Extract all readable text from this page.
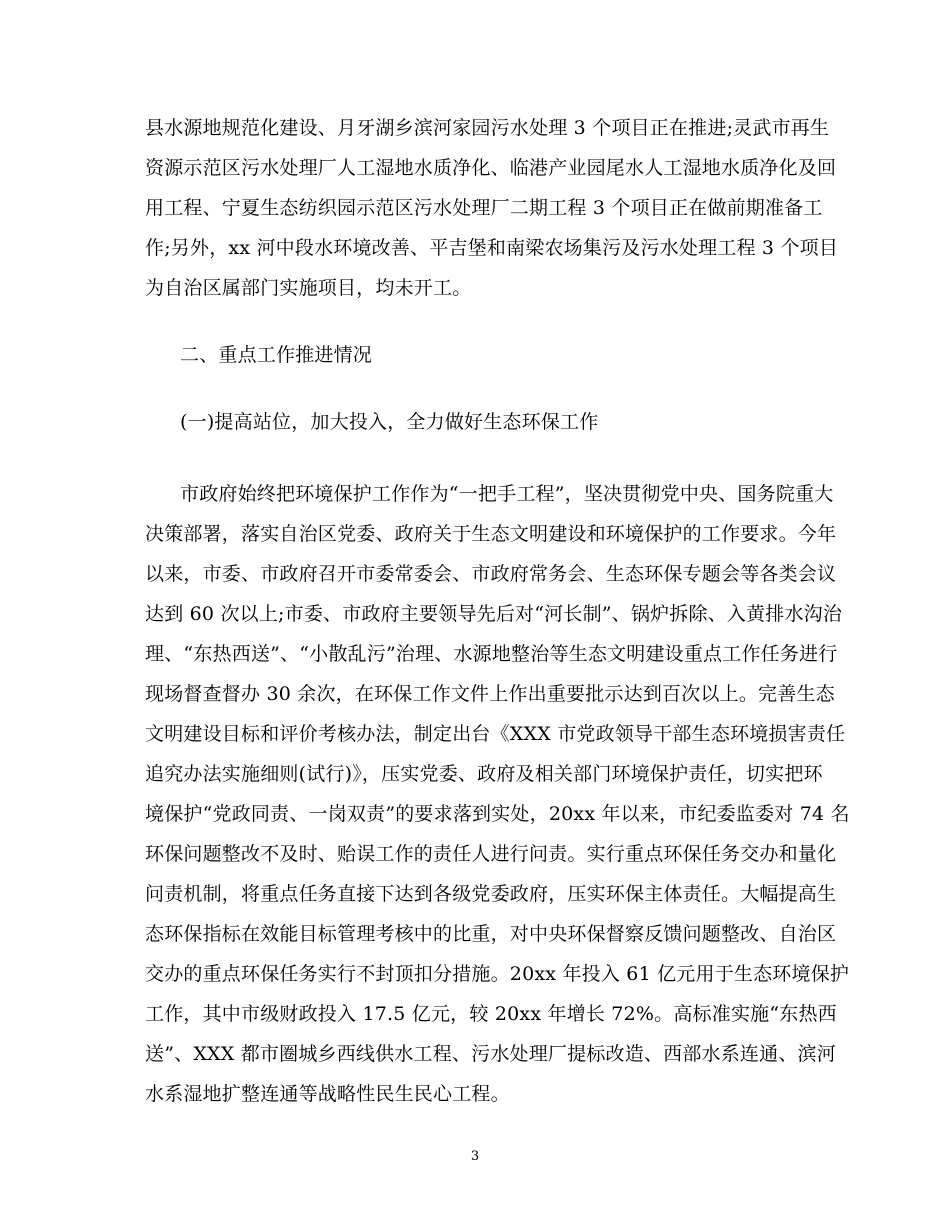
县水源地规范化建设、月牙湖乡滨河家园污水处理 3 个项目正在推进;灵武市再生
资源示范区污水处理厂人工湿地水质净化、临港产业园尾水人工湿地水质净化及回
用工程、宁夏生态纺织园示范区污水处理厂二期工程 3 个项目正在做前期准备工
作;另外，xx 河中段水环境改善、平吉堡和南梁农场集污及污水处理工程 3 个项目
为自治区属部门实施项目，均未开工。
二、重点工作推进情况
(一)提高站位，加大投入，全力做好生态环保工作
市政府始终把环境保护工作作为“一把手工程”，坚决贯彻党中央、国务院重大
决策部署，落实自治区党委、政府关于生态文明建设和环境保护的工作要求。今年
以来，市委、市政府召开市委常委会、市政府常务会、生态环保专题会等各类会议
达到 60 次以上;市委、市政府主要领导先后对“河长制”、锅炉拆除、入黄排水沟治
理、“东热西送”、“小散乱污”治理、水源地整治等生态文明建设重点工作任务进行
现场督查督办 30 余次，在环保工作文件上作出重要批示达到百次以上。完善生态
文明建设目标和评价考核办法，制定出台《XXX 市党政领导干部生态环境损害责任
追究办法实施细则(试行)》，压实党委、政府及相关部门环境保护责任，切实把环
境保护“党政同责、一岗双责”的要求落到实处，20xx 年以来，市纪委监委对 74 名
环保问题整改不及时、贻误工作的责任人进行问责。实行重点环保任务交办和量化
问责机制，将重点任务直接下达到各级党委政府，压实环保主体责任。大幅提高生
态环保指标在效能目标管理考核中的比重，对中央环保督察反馈问题整改、自治区
交办的重点环保任务实行不封顶扣分措施。20xx 年投入 61 亿元用于生态环境保护
工作，其中市级财政投入 17.5 亿元，较 20xx 年增长 72%。高标准实施“东热西
送”、XXX 都市圈城乡西线供水工程、污水处理厂提标改造、西部水系连通、滨河
水系湿地扩整连通等战略性民生民心工程。
3
